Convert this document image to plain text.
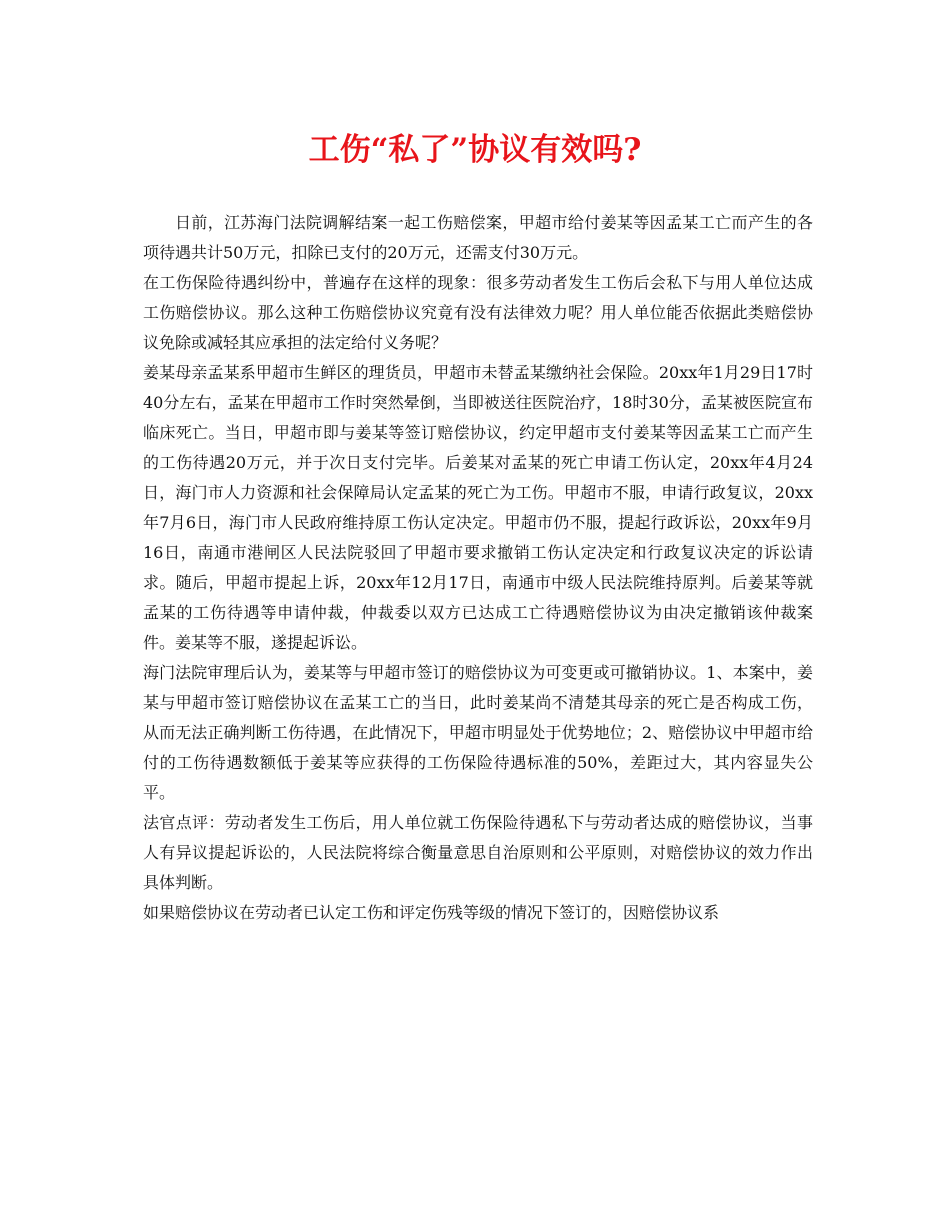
工伤“私了”协议有效吗?

日前，江苏海门法院调解结案一起工伤赔偿案，甲超市给付姜某等因孟某工亡而产生的各项待遇共计50万元，扣除已支付的20万元，还需支付30万元。

在工伤保险待遇纠纷中，普遍存在这样的现象：很多劳动者发生工伤后会私下与用人单位达成工伤赔偿协议。那么这种工伤赔偿协议究竟有没有法律效力呢？用人单位能否依据此类赔偿协议免除或减轻其应承担的法定给付义务呢？

姜某母亲孟某系甲超市生鲜区的理货员，甲超市未替孟某缴纳社会保险。20xx年1月29日17时40分左右，孟某在甲超市工作时突然晕倒，当即被送往医院治疗，18时30分，孟某被医院宣布临床死亡。当日，甲超市即与姜某等签订赔偿协议，约定甲超市支付姜某等因孟某工亡而产生的工伤待遇20万元，并于次日支付完毕。后姜某对孟某的死亡申请工伤认定，20xx年4月24日，海门市人力资源和社会保障局认定孟某的死亡为工伤。甲超市不服，申请行政复议，20xx年7月6日，海门市人民政府维持原工伤认定决定。甲超市仍不服，提起行政诉讼，20xx年9月16日，南通市港闸区人民法院驳回了甲超市要求撤销工伤认定决定和行政复议决定的诉讼请求。随后，甲超市提起上诉，20xx年12月17日，南通市中级人民法院维持原判。后姜某等就孟某的工伤待遇等申请仲裁，仲裁委以双方已达成工亡待遇赔偿协议为由决定撤销该仲裁案件。姜某等不服，遂提起诉讼。

海门法院审理后认为，姜某等与甲超市签订的赔偿协议为可变更或可撤销协议。1、本案中，姜某与甲超市签订赔偿协议在孟某工亡的当日，此时姜某尚不清楚其母亲的死亡是否构成工伤，从而无法正确判断工伤待遇，在此情况下，甲超市明显处于优势地位；2、赔偿协议中甲超市给付的工伤待遇数额低于姜某等应获得的工伤保险待遇标准的50%，差距过大，其内容显失公平。

法官点评：劳动者发生工伤后，用人单位就工伤保险待遇私下与劳动者达成的赔偿协议，当事人有异议提起诉讼的，人民法院将综合衡量意思自治原则和公平原则，对赔偿协议的效力作出具体判断。

如果赔偿协议在劳动者已认定工伤和评定伤残等级的情况下签订的，因赔偿协议系
